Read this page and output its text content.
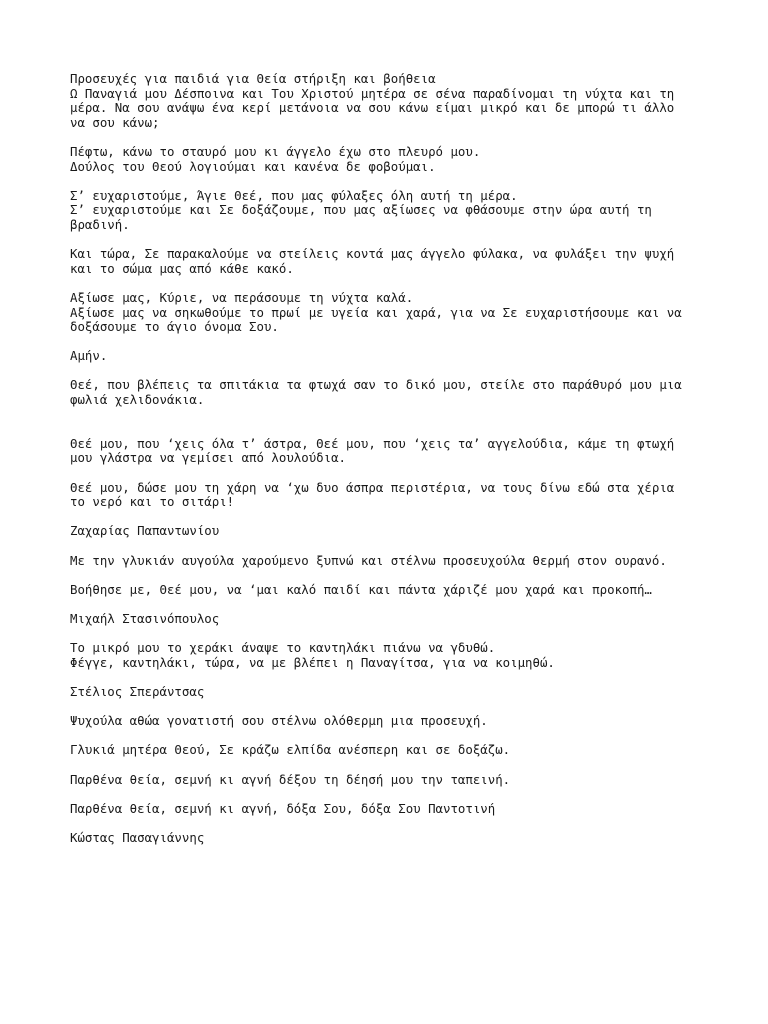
Προσευχές για παιδιά για Θεία στήριξη και βοήθεια
Ω Παναγιά μου Δέσποινα και Του Χριστού μητέρα σε σένα παραδίνομαι τη νύχτα και τη
μέρα. Να σου ανάψω ένα κερί μετάνοια να σου κάνω είμαι μικρό και δε μπορώ τι άλλο
να σου κάνω;

Πέφτω, κάνω το σταυρό μου κι άγγελο έχω στο πλευρό μου.
Δούλος του Θεού λογιούμαι και κανένα δε φοβούμαι.

Σ’ ευχαριστούμε, Άγιε Θεέ, που μας φύλαξες όλη αυτή τη μέρα.
Σ’ ευχαριστούμε και Σε δοξάζουμε, που μας αξίωσες να φθάσουμε στην ώρα αυτή τη
βραδινή.

Και τώρα, Σε παρακαλούμε να στείλεις κοντά μας άγγελο φύλακα, να φυλάξει την ψυχή
και το σώμα μας από κάθε κακό.

Αξίωσε μας, Κύριε, να περάσουμε τη νύχτα καλά.
Αξίωσε μας να σηκωθούμε το πρωί με υγεία και χαρά, για να Σε ευχαριστήσουμε και να
δοξάσουμε το άγιο όνομα Σου.

Αμήν.

Θεέ, που βλέπεις τα σπιτάκια τα φτωχά σαν το δικό μου, στείλε στο παράθυρό μου μια
φωλιά χελιδονάκια.

Θεέ μου, που ‘χεις όλα τ’ άστρα, Θεέ μου, που ‘χεις τα’ αγγελούδια, κάμε τη φτωχή
μου γλάστρα να γεμίσει από λουλούδια.

Θεέ μου, δώσε μου τη χάρη να ‘χω δυο άσπρα περιστέρια, να τους δίνω εδώ στα χέρια
το νερό και το σιτάρι!

Ζαχαρίας Παπαντωνίου

Με την γλυκιάν αυγούλα χαρούμενο ξυπνώ και στέλνω προσευχούλα θερμή στον ουρανό.

Βοήθησε με, Θεέ μου, να ‘μαι καλό παιδί και πάντα χάριζέ μου χαρά και προκοπή…

Μιχαήλ Στασινόπουλος

Το μικρό μου το χεράκι άναψε το καντηλάκι πιάνω να γδυθώ.
Φέγγε, καντηλάκι, τώρα, να με βλέπει η Παναγίτσα, για να κοιμηθώ.

Στέλιος Σπεράντσας

Ψυχούλα αθώα γονατιστή σου στέλνω ολόθερμη μια προσευχή.

Γλυκιά μητέρα Θεού, Σε κράζω ελπίδα ανέσπερη και σε δοξάζω.

Παρθένα θεία, σεμνή κι αγνή δέξου τη δέησή μου την ταπεινή.

Παρθένα θεία, σεμνή κι αγνή, δόξα Σου, δόξα Σου Παντοτινή

Κώστας Πασαγιάννης
